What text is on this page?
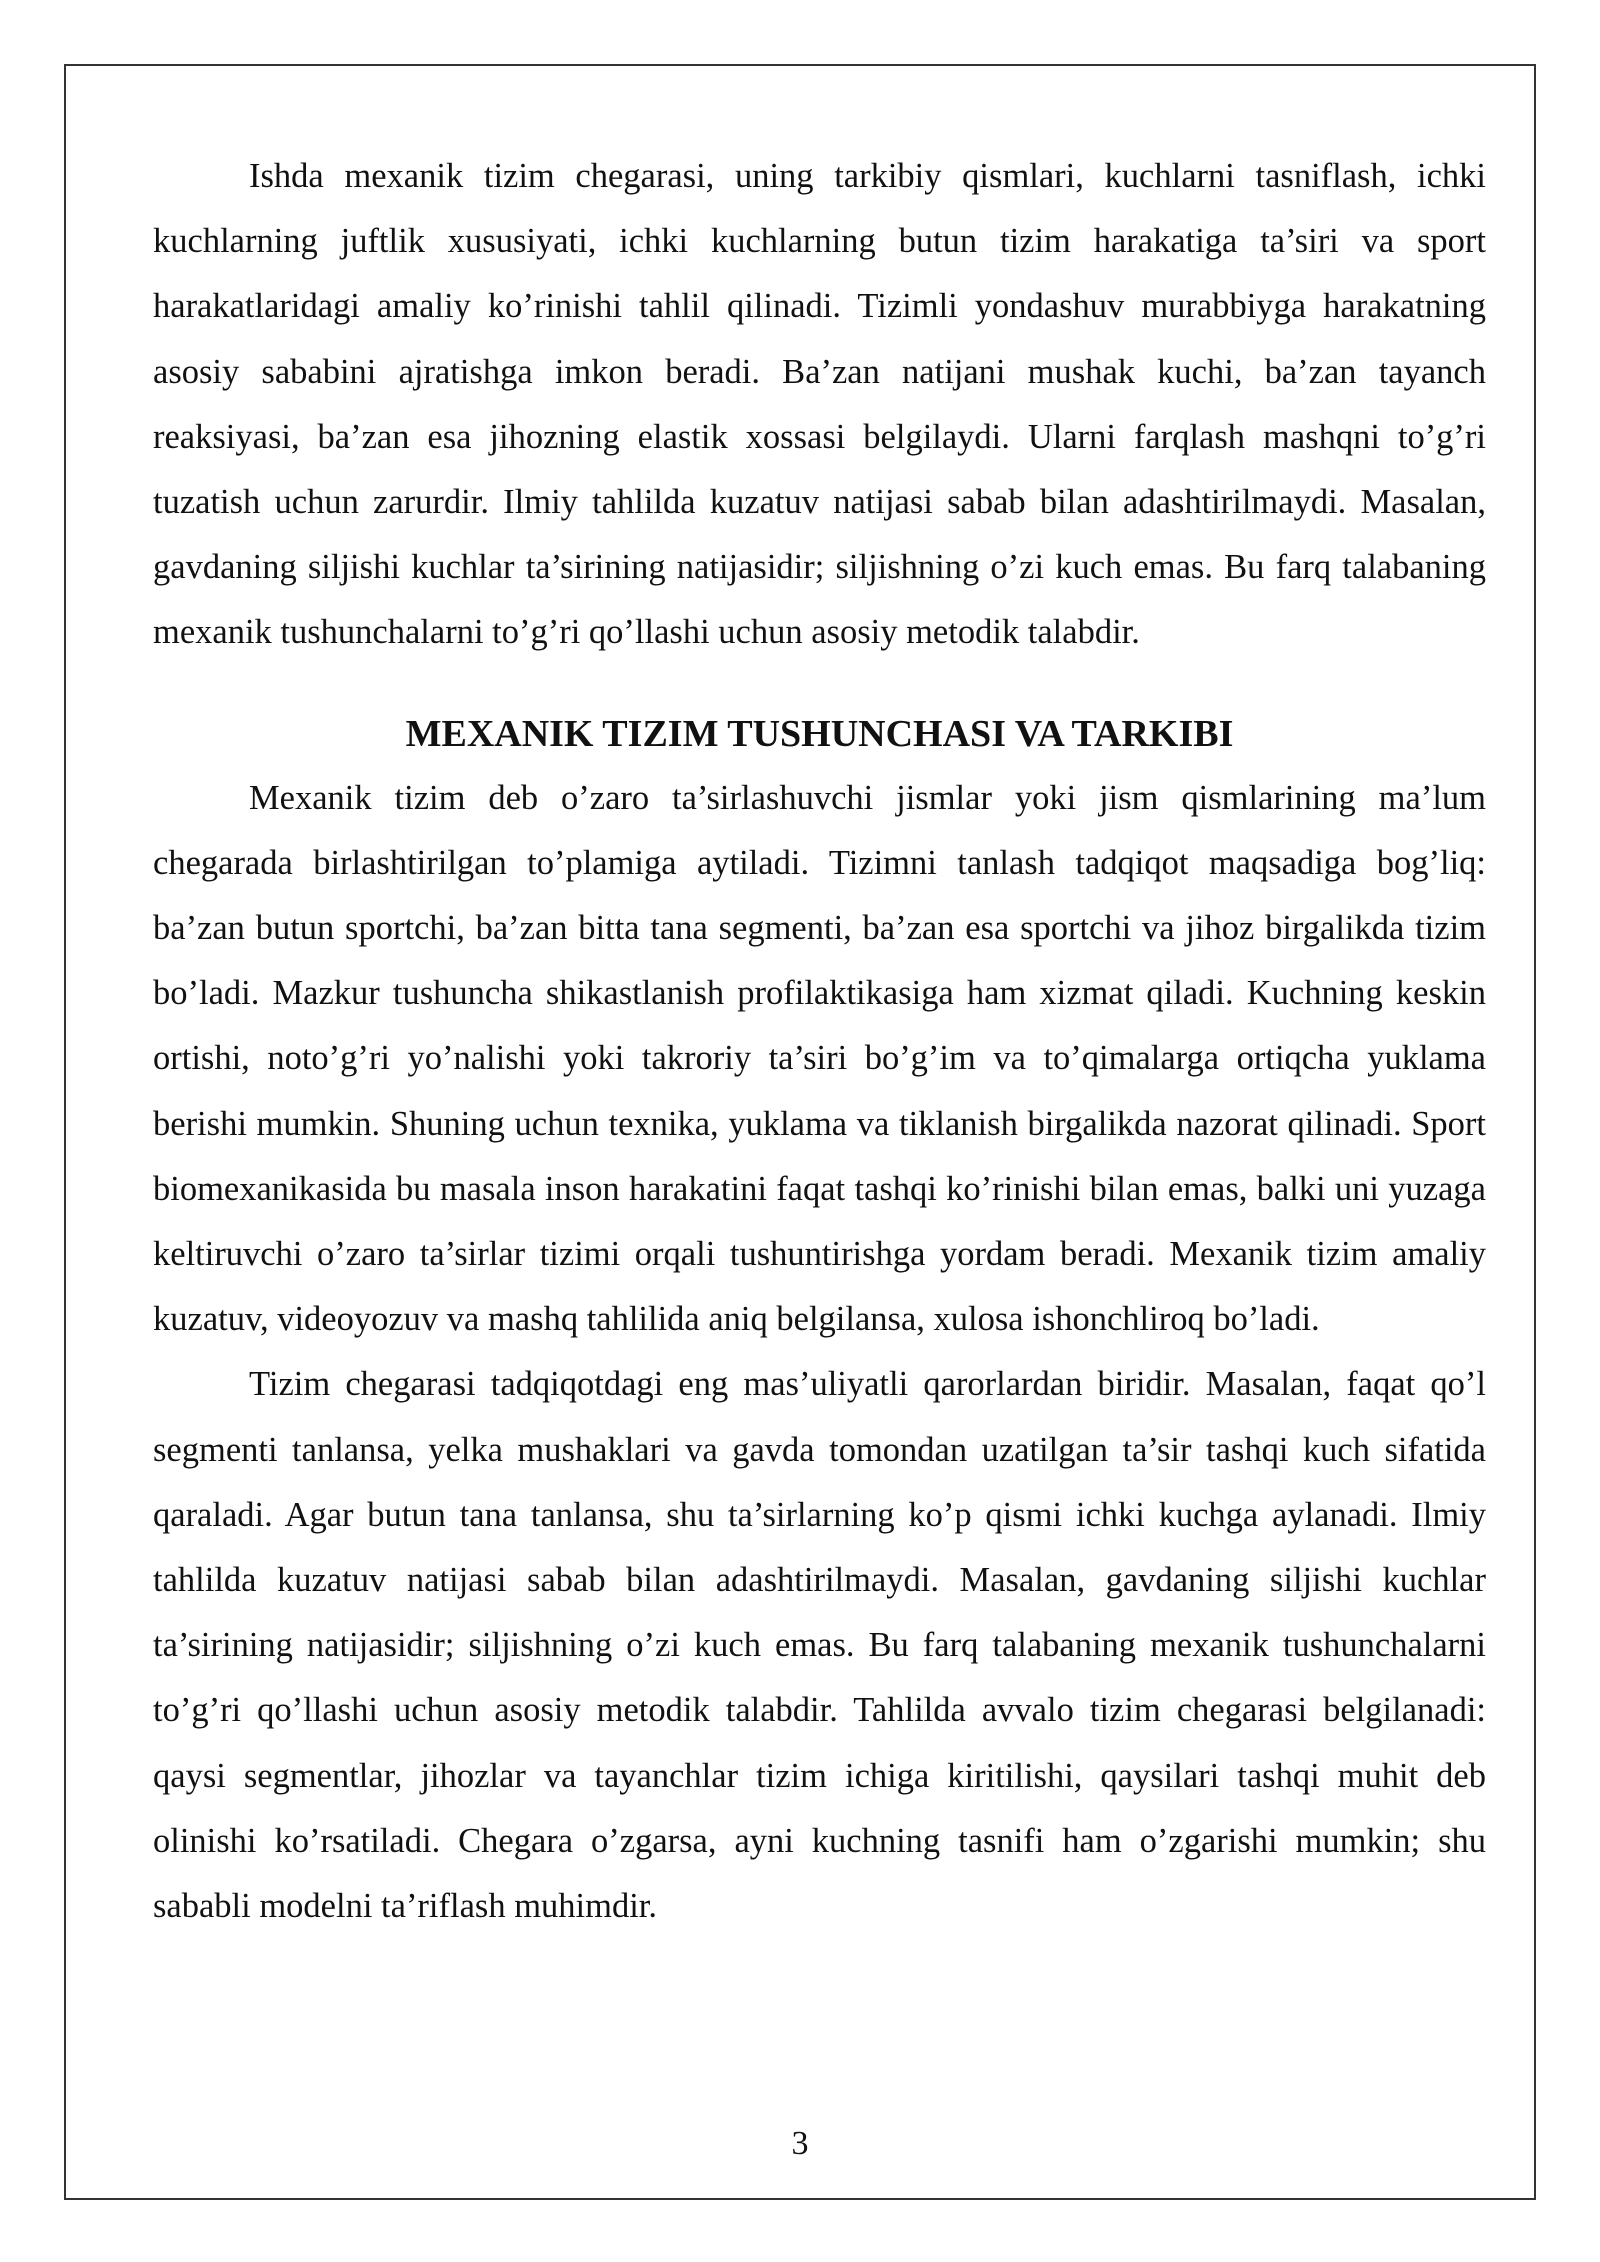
Ishda mexanik tizim chegarasi, uning tarkibiy qismlari, kuchlarni tasniflash, ichki kuchlarning juftlik xususiyati, ichki kuchlarning butun tizim harakatiga ta’siri va sport harakatlaridagi amaliy ko’rinishi tahlil qilinadi. Tizimli yondashuv murabbiyga harakatning asosiy sababini ajratishga imkon beradi. Ba’zan natijani mushak kuchi, ba’zan tayanch reaksiyasi, ba’zan esa jihozning elastik xossasi belgilaydi. Ularni farqlash mashqni to’g’ri tuzatish uchun zarurdir. Ilmiy tahlilda kuzatuv natijasi sabab bilan adashtirilmaydi. Masalan, gavdaning siljishi kuchlar ta’sirining natijasidir; siljishning o’zi kuch emas. Bu farq talabaning mexanik tushunchalarni to’g’ri qo’llashi uchun asosiy metodik talabdir.

MEXANIK TIZIM TUSHUNCHASI VA TARKIBI

Mexanik tizim deb o’zaro ta’sirlashuvchi jismlar yoki jism qismlarining ma’lum chegarada birlashtirilgan to’plamiga aytiladi. Tizimni tanlash tadqiqot maqsadiga bog’liq: ba’zan butun sportchi, ba’zan bitta tana segmenti, ba’zan esa sportchi va jihoz birgalikda tizim bo’ladi. Mazkur tushuncha shikastlanish profilaktikasiga ham xizmat qiladi. Kuchning keskin ortishi, noto’g’ri yo’nalishi yoki takroriy ta’siri bo’g’im va to’qimalarga ortiqcha yuklama berishi mumkin. Shuning uchun texnika, yuklama va tiklanish birgalikda nazorat qilinadi. Sport biomexanikasida bu masala inson harakatini faqat tashqi ko’rinishi bilan emas, balki uni yuzaga keltiruvchi o’zaro ta’sirlar tizimi orqali tushuntirishga yordam beradi. Mexanik tizim amaliy kuzatuv, videoyozuv va mashq tahlilida aniq belgilansa, xulosa ishonchliroq bo’ladi.

Tizim chegarasi tadqiqotdagi eng mas’uliyatli qarorlardan biridir. Masalan, faqat qo’l segmenti tanlansa, yelka mushaklari va gavda tomondan uzatilgan ta’sir tashqi kuch sifatida qaraladi. Agar butun tana tanlansa, shu ta’sirlarning ko’p qismi ichki kuchga aylanadi. Ilmiy tahlilda kuzatuv natijasi sabab bilan adashtirilmaydi. Masalan, gavdaning siljishi kuchlar ta’sirining natijasidir; siljishning o’zi kuch emas. Bu farq talabaning mexanik tushunchalarni to’g’ri qo’llashi uchun asosiy metodik talabdir. Tahlilda avvalo tizim chegarasi belgilanadi: qaysi segmentlar, jihozlar va tayanchlar tizim ichiga kiritilishi, qaysilari tashqi muhit deb olinishi ko’rsatiladi. Chegara o’zgarsa, ayni kuchning tasnifi ham o’zgarishi mumkin; shu sababli modelni ta’riflash muhimdir.

3
